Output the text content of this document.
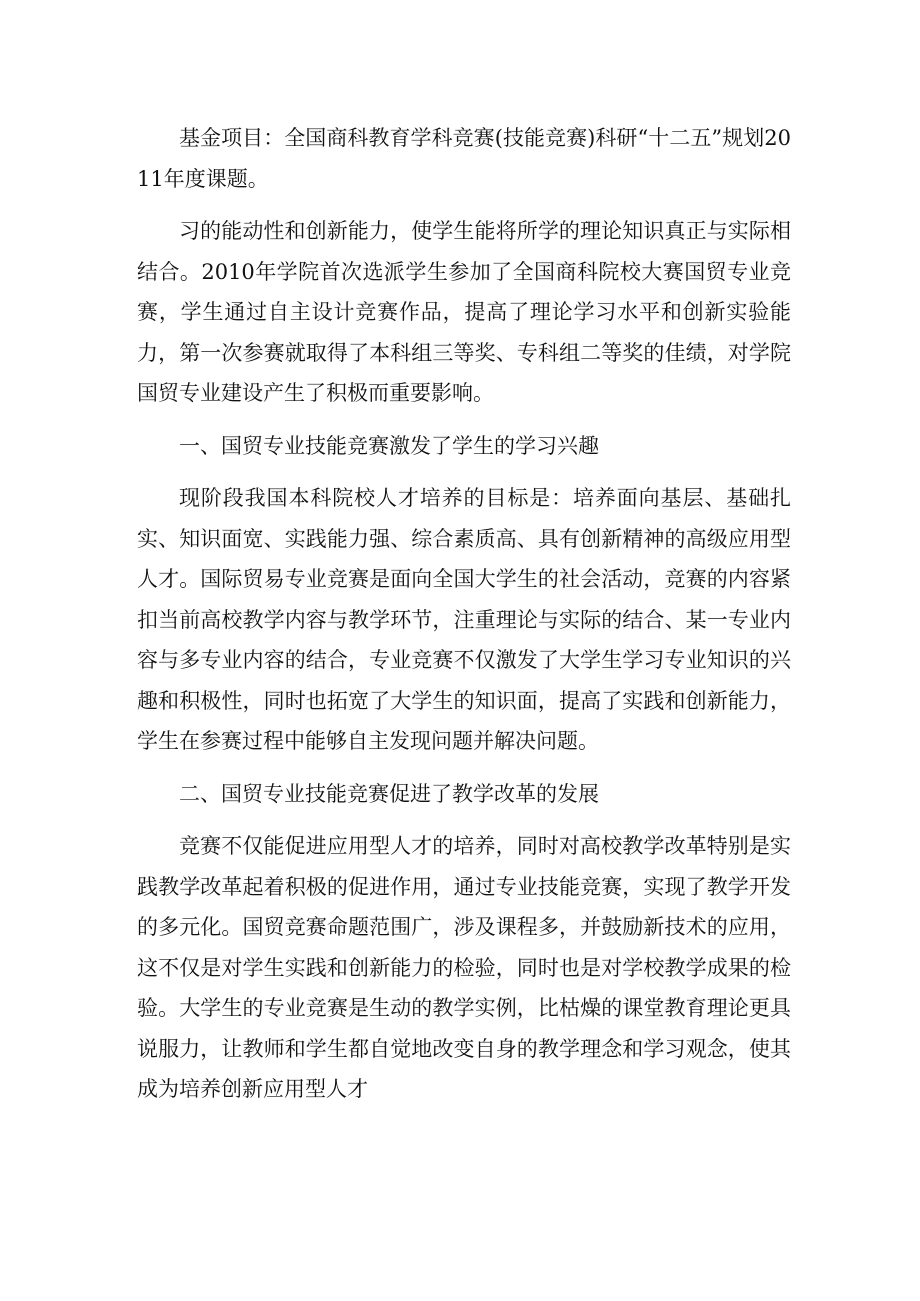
基金项目：全国商科教育学科竞赛(技能竞赛)科研“十二五”规划2011年度课题。

习的能动性和创新能力，使学生能将所学的理论知识真正与实际相结合。2010年学院首次选派学生参加了全国商科院校大赛国贸专业竞赛，学生通过自主设计竞赛作品，提高了理论学习水平和创新实验能力，第一次参赛就取得了本科组三等奖、专科组二等奖的佳绩，对学院国贸专业建设产生了积极而重要影响。

一、国贸专业技能竞赛激发了学生的学习兴趣

现阶段我国本科院校人才培养的目标是：培养面向基层、基础扎实、知识面宽、实践能力强、综合素质高、具有创新精神的高级应用型人才。国际贸易专业竞赛是面向全国大学生的社会活动，竞赛的内容紧扣当前高校教学内容与教学环节，注重理论与实际的结合、某一专业内容与多专业内容的结合，专业竞赛不仅激发了大学生学习专业知识的兴趣和积极性，同时也拓宽了大学生的知识面，提高了实践和创新能力，学生在参赛过程中能够自主发现问题并解决问题。

二、国贸专业技能竞赛促进了教学改革的发展

竞赛不仅能促进应用型人才的培养，同时对高校教学改革特别是实践教学改革起着积极的促进作用，通过专业技能竞赛，实现了教学开发的多元化。国贸竞赛命题范围广，涉及课程多，并鼓励新技术的应用，这不仅是对学生实践和创新能力的检验，同时也是对学校教学成果的检验。大学生的专业竞赛是生动的教学实例，比枯燥的课堂教育理论更具说服力，让教师和学生都自觉地改变自身的教学理念和学习观念，使其成为培养创新应用型人才
